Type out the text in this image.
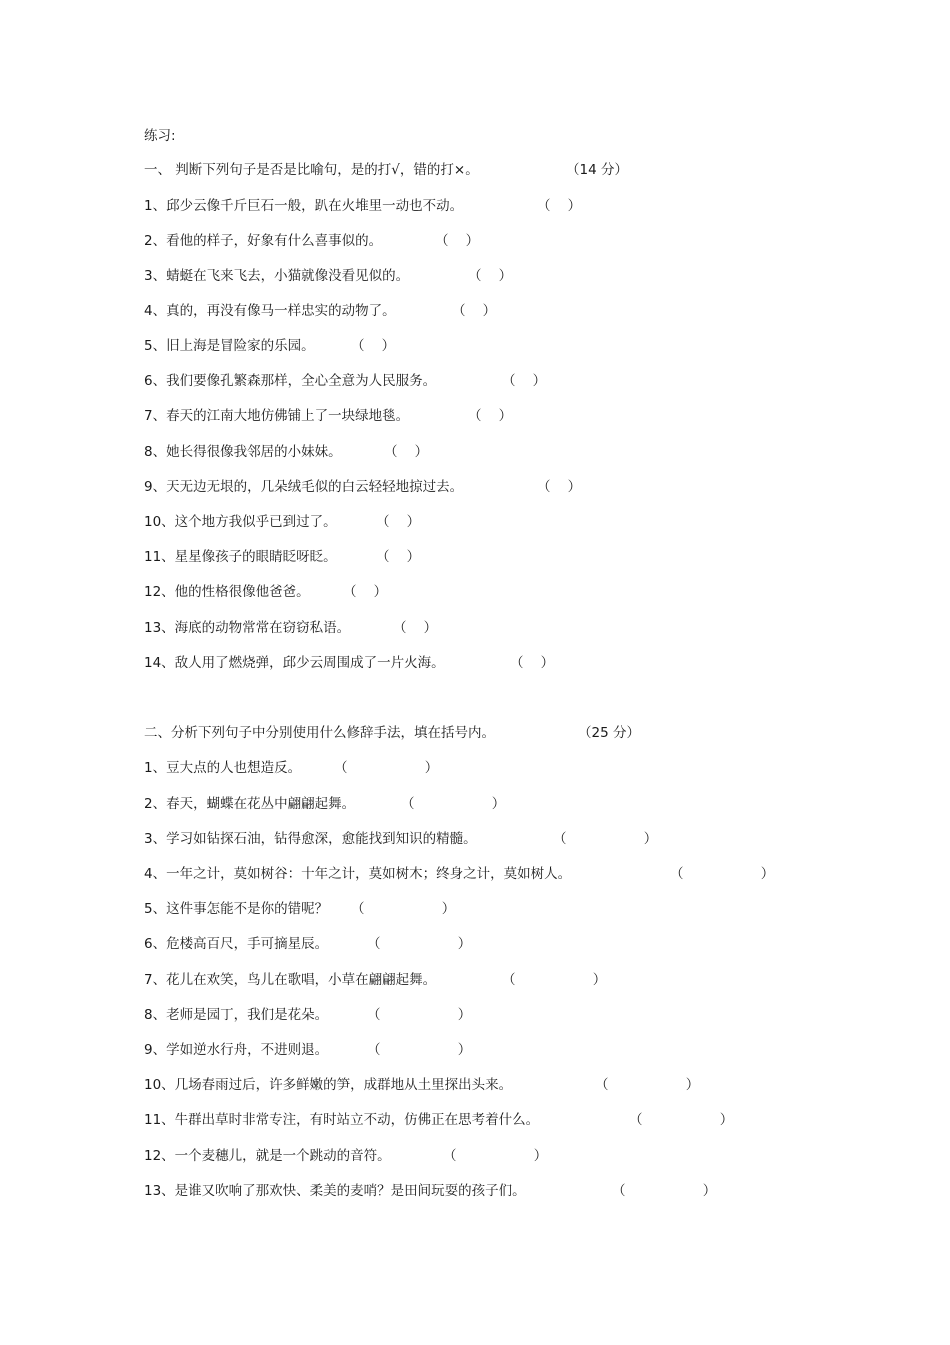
练习:
一、 判断下列句子是否是比喻句，是的打√，错的打×。	（14 分）
1、邱少云像千斤巨石一般，趴在火堆里一动也不动。	（    ）
2、看他的样子，好象有什么喜事似的。	（    ）
3、蜻蜓在飞来飞去，小猫就像没看见似的。	（    ）
4、真的，再没有像马一样忠实的动物了。	（    ）
5、旧上海是冒险家的乐园。	（    ）
6、我们要像孔繁森那样，全心全意为人民服务。	（    ）
7、春天的江南大地仿佛铺上了一块绿地毯。	（    ）
8、她长得很像我邻居的小妹妹。	（    ）
9、天无边无垠的，几朵绒毛似的白云轻轻地掠过去。	（    ）
10、这个地方我似乎已到过了。	（    ）
11、星星像孩子的眼睛眨呀眨。	（    ）
12、他的性格很像他爸爸。 （    ）
13、海底的动物常常在窃窃私语。	（    ）
14、敌人用了燃烧弹，邱少云周围成了一片火海。	（    ）
二、分析下列句子中分别使用什么修辞手法，填在括号内。	（25 分）
1、豆大点的人也想造反。 （                  ）
2、春天，蝴蝶在花丛中翩翩起舞。	（                  ）
3、学习如钻探石油，钻得愈深，愈能找到知识的精髓。	（                  ）
4、一年之计，莫如树谷：十年之计，莫如树木；终身之计，莫如树人。	（                  ）
5、这件事怎能不是你的错呢？ （                  ）
6、危楼高百尺，手可摘星辰。	（                  ）
7、花儿在欢笑，鸟儿在歌唱，小草在翩翩起舞。	（                  ）
8、老师是园丁，我们是花朵。	（                  ）
9、学如逆水行舟，不进则退。	（                  ）
10、几场春雨过后，许多鲜嫩的笋，成群地从土里探出头来。	（                  ）
11、牛群出草时非常专注，有时站立不动，仿佛正在思考着什么。	（                  ）
12、一个麦穗儿，就是一个跳动的音符。	（                  ）
13、是谁又吹响了那欢快、柔美的麦哨？是田间玩耍的孩子们。	（                  ）
